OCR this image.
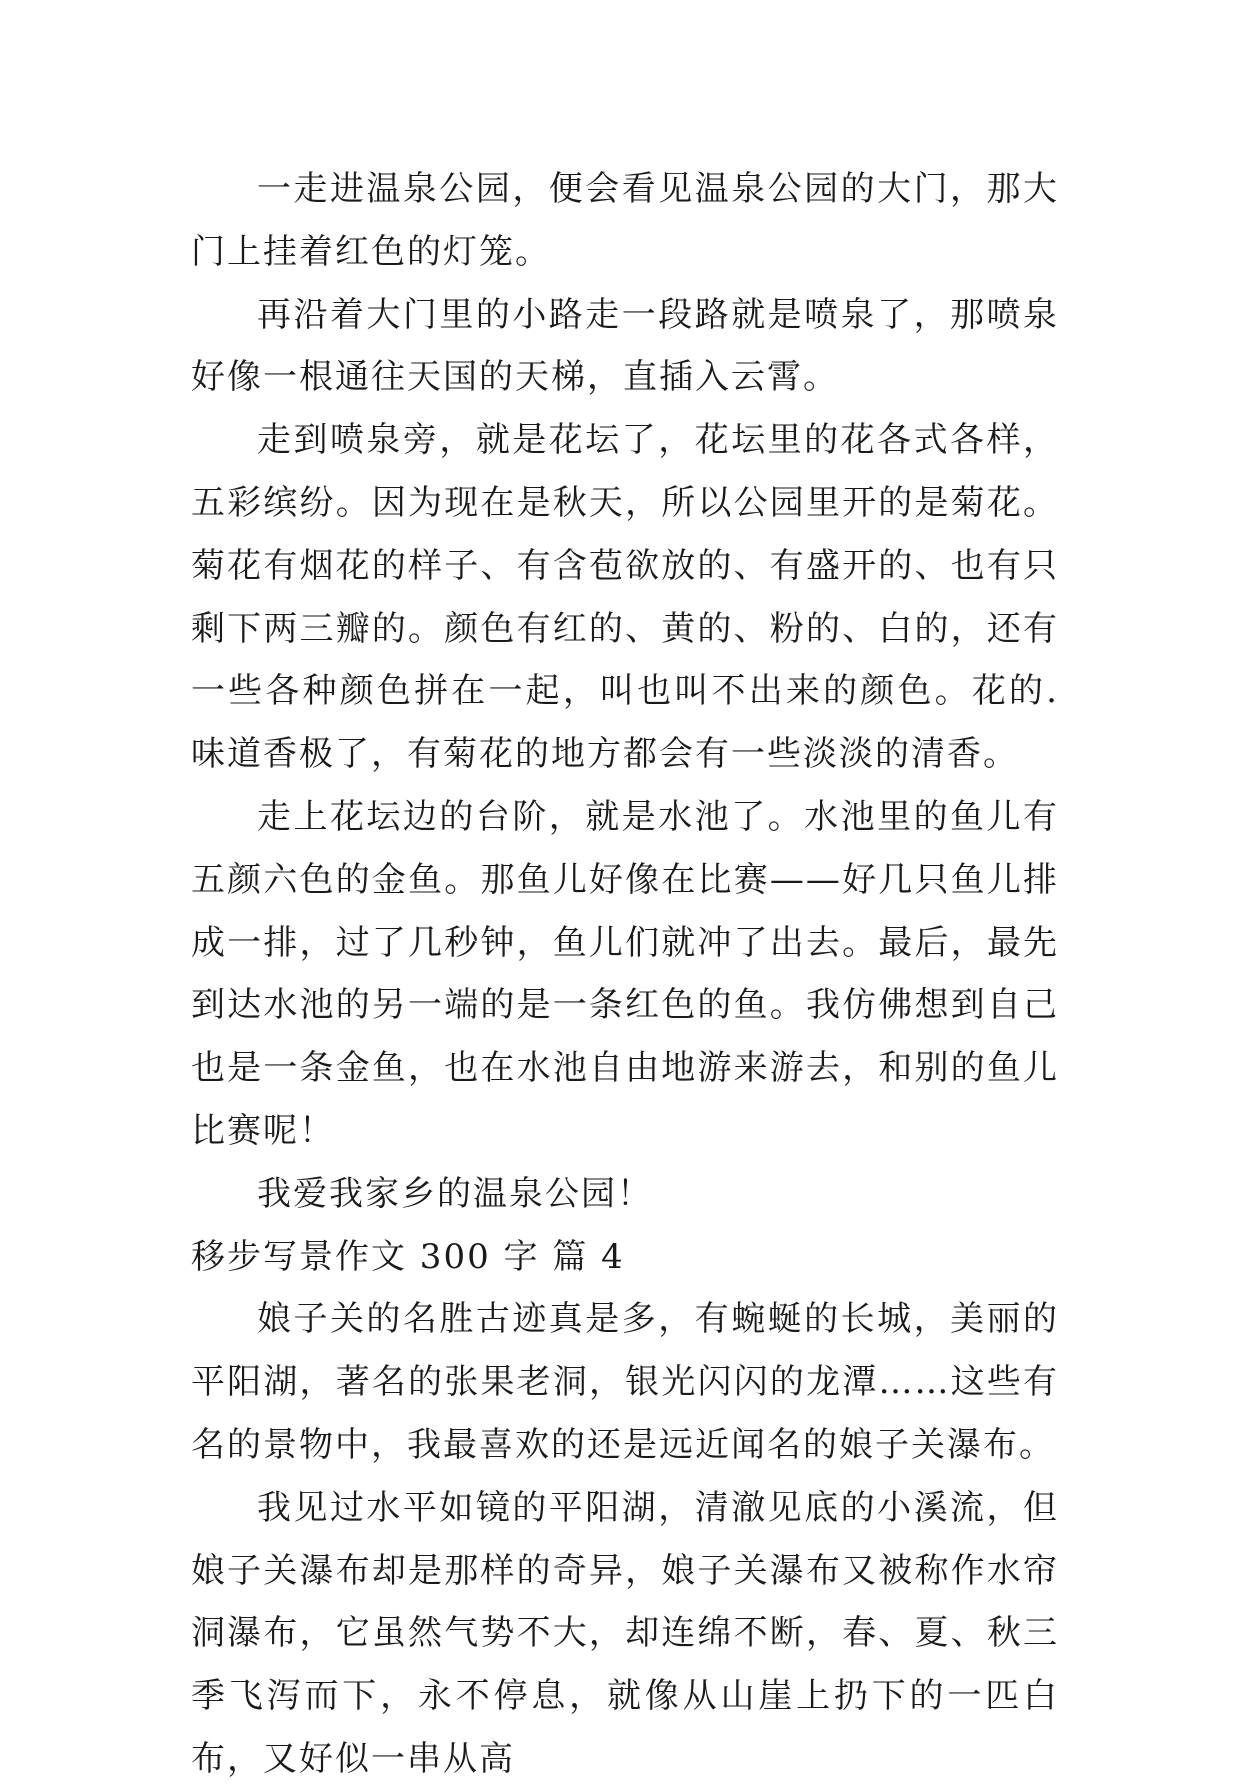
一走进温泉公园，便会看见温泉公园的大门，那大门上挂着红色的灯笼。

再沿着大门里的小路走一段路就是喷泉了，那喷泉好像一根通往天国的天梯，直插入云霄。

走到喷泉旁，就是花坛了，花坛里的花各式各样，五彩缤纷。因为现在是秋天，所以公园里开的是菊花。菊花有烟花的样子、有含苞欲放的、有盛开的、也有只剩下两三瓣的。颜色有红的、黄的、粉的、白的，还有一些各种颜色拼在一起，叫也叫不出来的颜色。花的.味道香极了，有菊花的地方都会有一些淡淡的清香。

走上花坛边的台阶，就是水池了。水池里的鱼儿有五颜六色的金鱼。那鱼儿好像在比赛——好几只鱼儿排成一排，过了几秒钟，鱼儿们就冲了出去。最后，最先到达水池的另一端的是一条红色的鱼。我仿佛想到自己也是一条金鱼，也在水池自由地游来游去，和别的鱼儿比赛呢！

我爱我家乡的温泉公园！

移步写景作文 300 字 篇 4

娘子关的名胜古迹真是多，有蜿蜒的长城，美丽的平阳湖，著名的张果老洞，银光闪闪的龙潭……这些有名的景物中，我最喜欢的还是远近闻名的娘子关瀑布。

我见过水平如镜的平阳湖，清澈见底的小溪流，但娘子关瀑布却是那样的奇异，娘子关瀑布又被称作水帘洞瀑布，它虽然气势不大，却连绵不断，春、夏、秋三季飞泻而下，永不停息，就像从山崖上扔下的一匹白布，又好似一串从高
